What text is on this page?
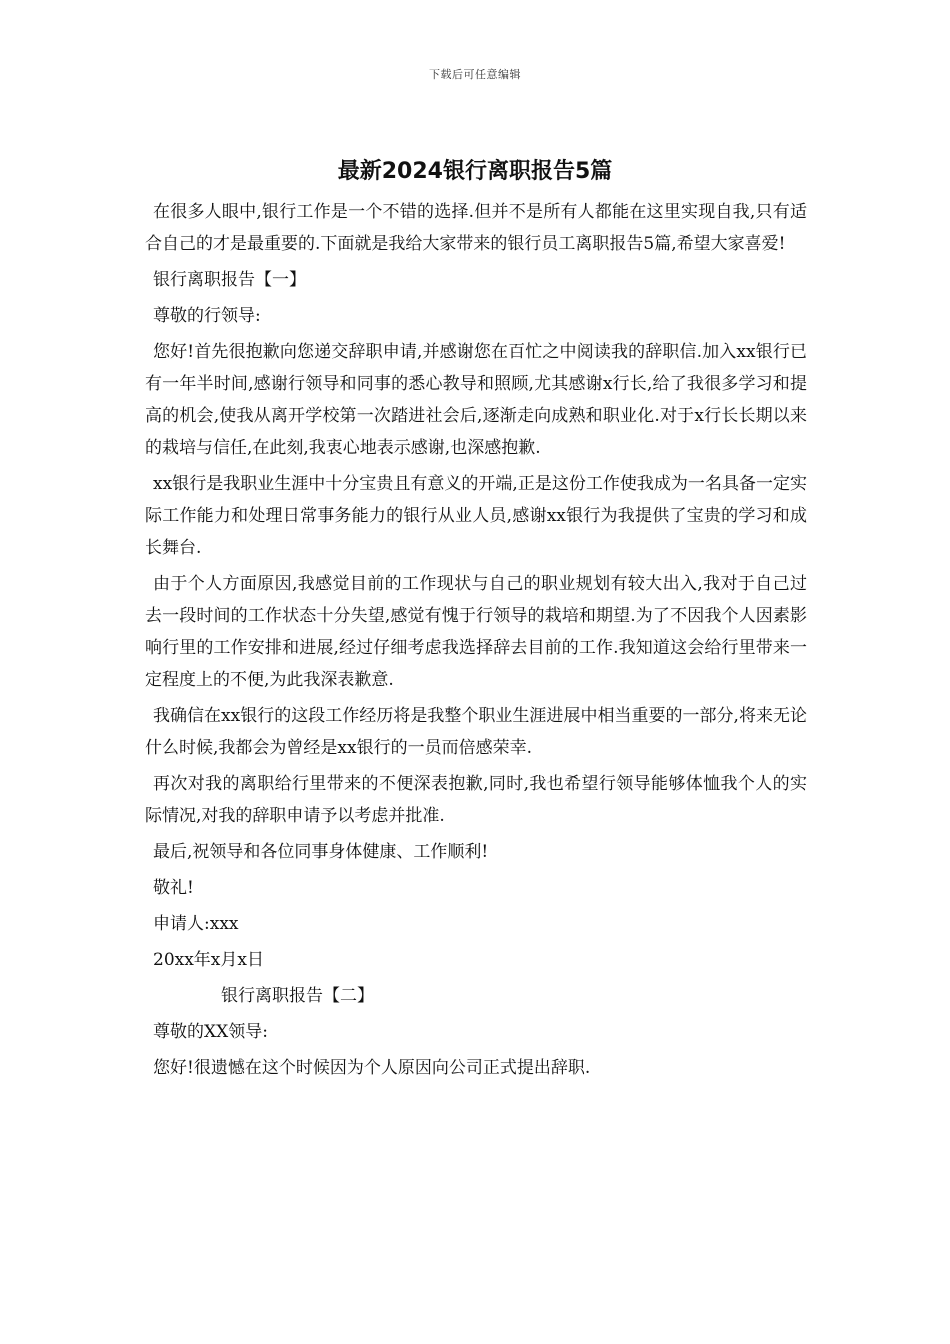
下载后可任意编辑
最新2024银行离职报告5篇

在很多人眼中,银行工作是一个不错的选择.但并不是所有人都能在这里实现自我,只有适合自己的才是最重要的.下面就是我给大家带来的银行员工离职报告5篇,希望大家喜爱!

银行离职报告【一】

尊敬的行领导:

您好!首先很抱歉向您递交辞职申请,并感谢您在百忙之中阅读我的辞职信.加入xx银行已有一年半时间,感谢行领导和同事的悉心教导和照顾,尤其感谢x行长,给了我很多学习和提高的机会,使我从离开学校第一次踏进社会后,逐渐走向成熟和职业化.对于x行长长期以来的栽培与信任,在此刻,我衷心地表示感谢,也深感抱歉.

xx银行是我职业生涯中十分宝贵且有意义的开端,正是这份工作使我成为一名具备一定实际工作能力和处理日常事务能力的银行从业人员,感谢xx银行为我提供了宝贵的学习和成长舞台.

由于个人方面原因,我感觉目前的工作现状与自己的职业规划有较大出入,我对于自己过去一段时间的工作状态十分失望,感觉有愧于行领导的栽培和期望.为了不因我个人因素影响行里的工作安排和进展,经过仔细考虑我选择辞去目前的工作.我知道这会给行里带来一定程度上的不便,为此我深表歉意.

我确信在xx银行的这段工作经历将是我整个职业生涯进展中相当重要的一部分,将来无论什么时候,我都会为曾经是xx银行的一员而倍感荣幸.

再次对我的离职给行里带来的不便深表抱歉,同时,我也希望行领导能够体恤我个人的实际情况,对我的辞职申请予以考虑并批准.

最后,祝领导和各位同事身体健康、工作顺利!

敬礼!

申请人:xxx

20xx年x月x日

银行离职报告【二】

尊敬的XX领导:

您好!很遗憾在这个时候因为个人原因向公司正式提出辞职.
